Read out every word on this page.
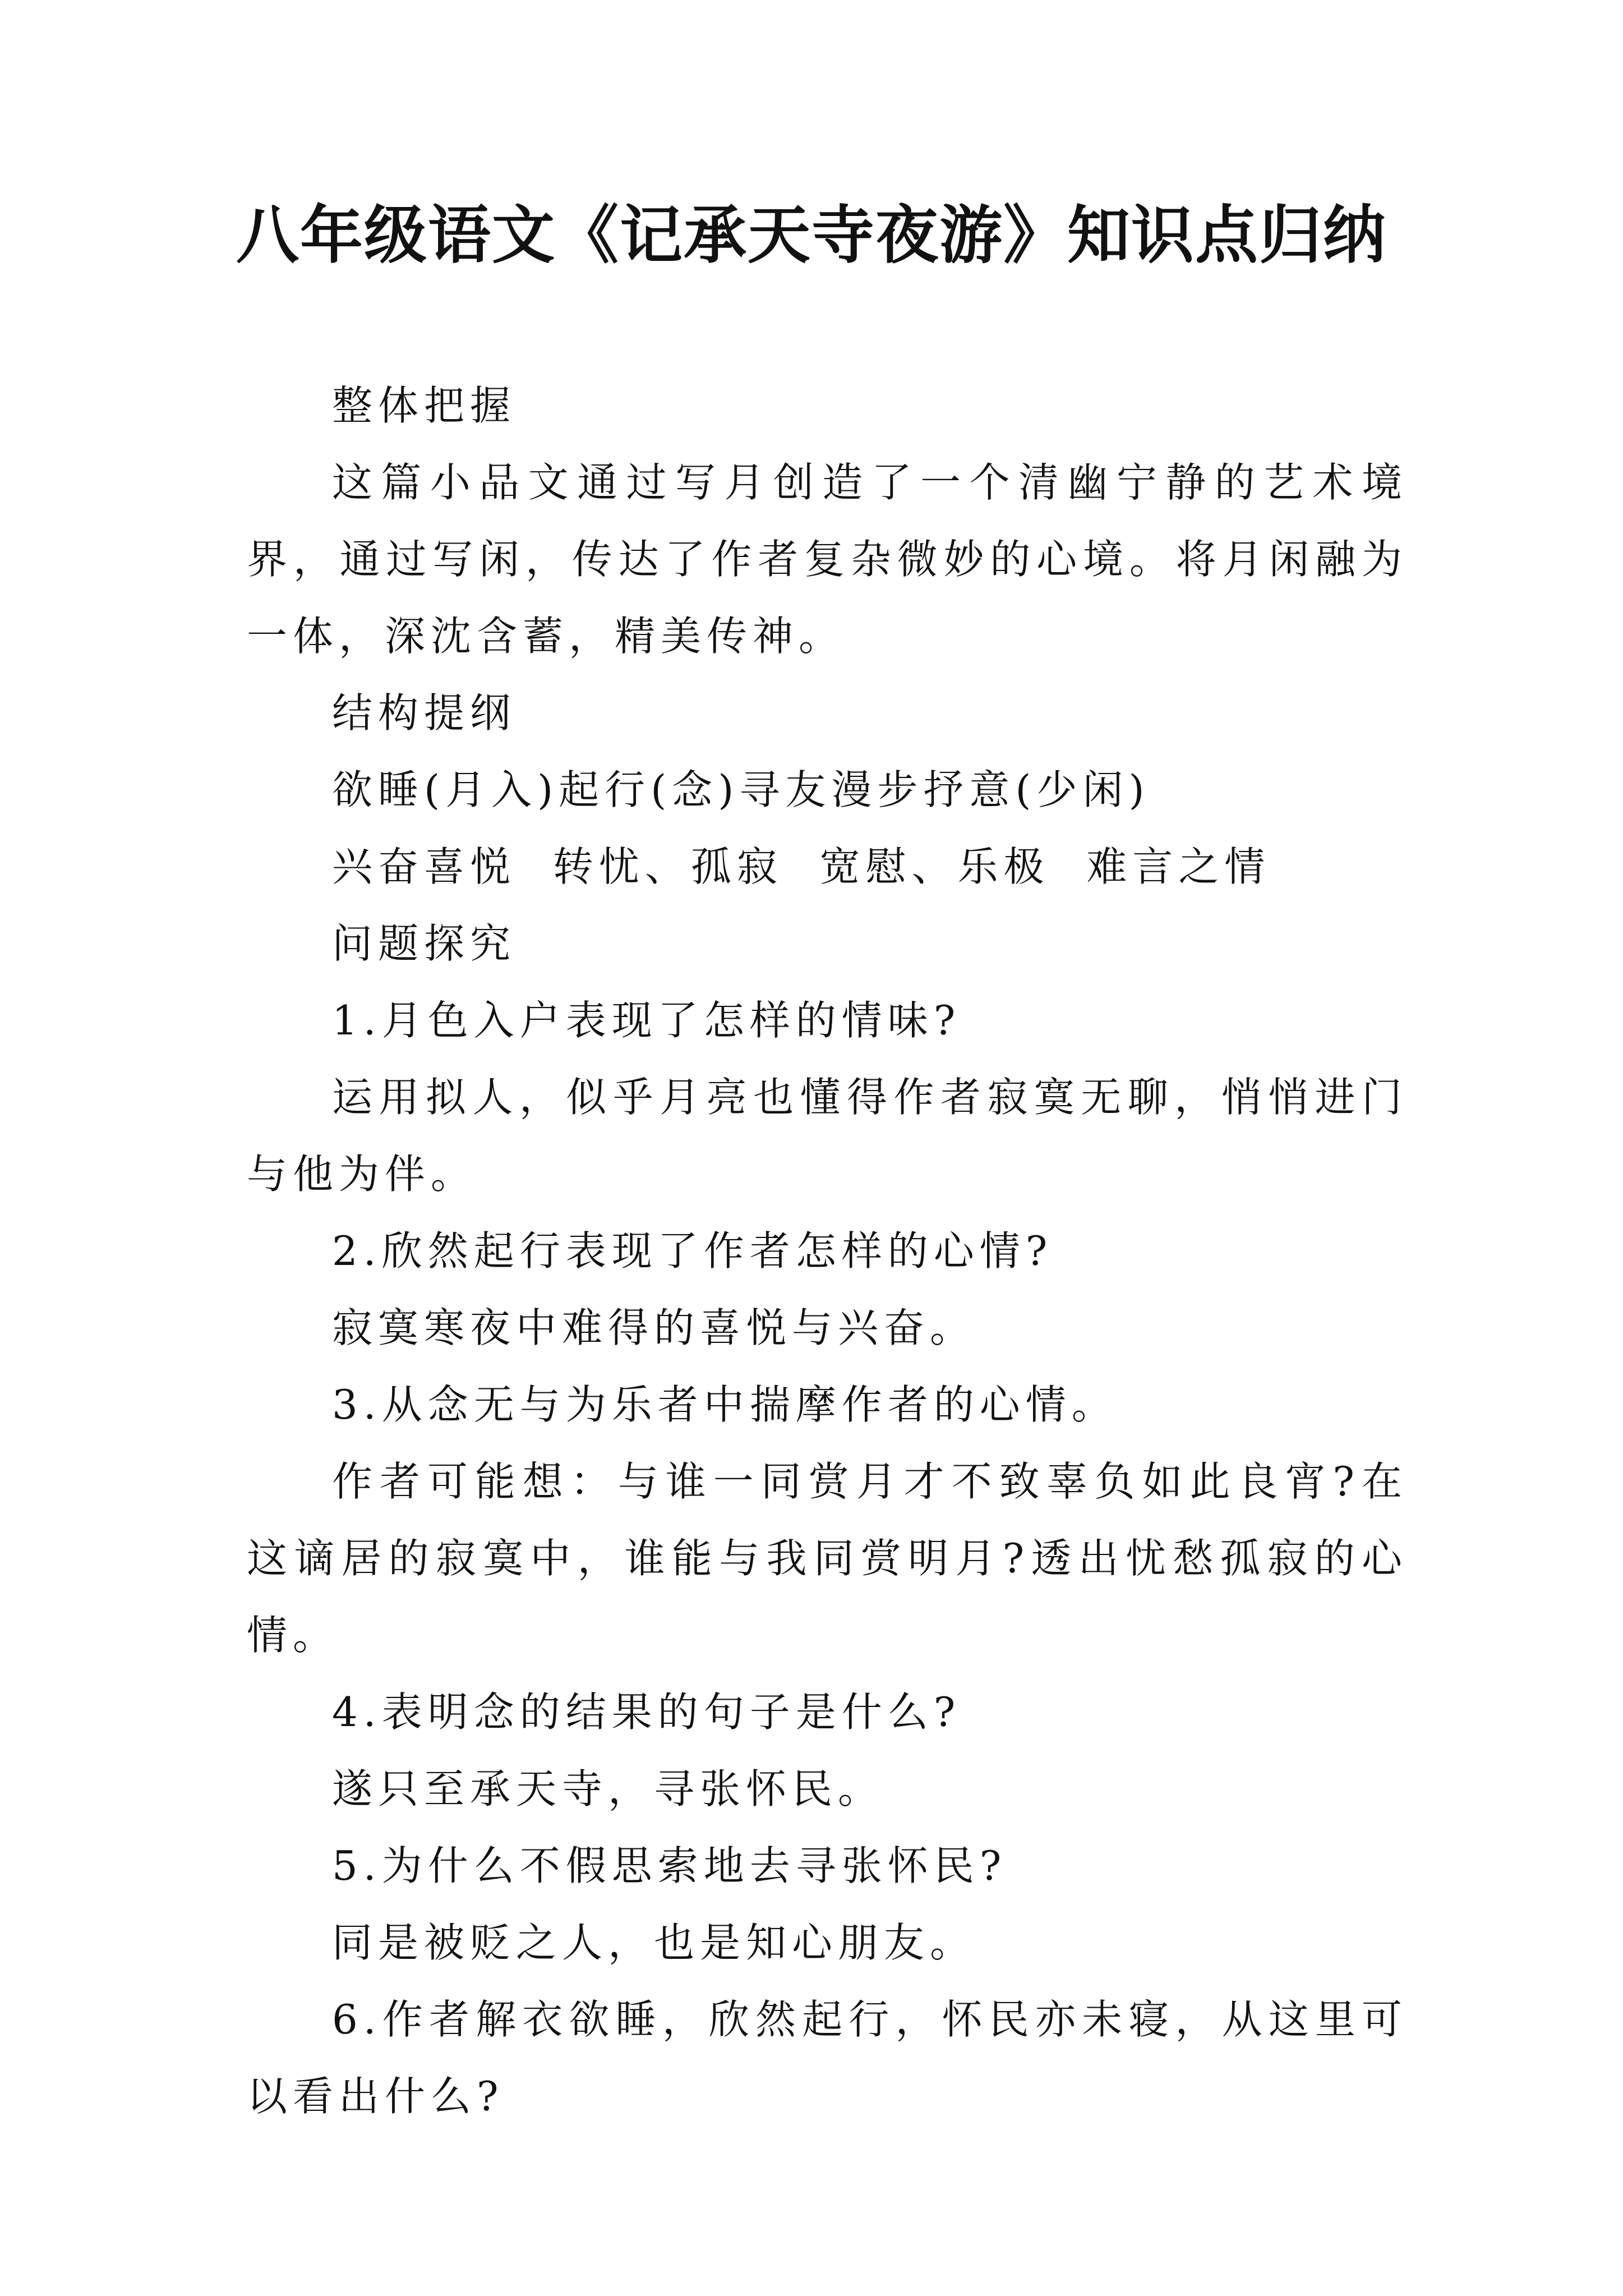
八年级语文《记承天寺夜游》知识点归纳

整体把握

这篇小品文通过写月创造了一个清幽宁静的艺术境界，通过写闲，传达了作者复杂微妙的心境。将月闲融为一体，深沈含蓄，精美传神。

结构提纲

欲睡(月入)起行(念)寻友漫步抒意(少闲)

兴奋喜悦  转忧、孤寂  宽慰、乐极  难言之情

问题探究

1.月色入户表现了怎样的情味?

运用拟人，似乎月亮也懂得作者寂寞无聊，悄悄进门与他为伴。

2.欣然起行表现了作者怎样的心情?

寂寞寒夜中难得的喜悦与兴奋。

3.从念无与为乐者中揣摩作者的心情。

作者可能想：与谁一同赏月才不致辜负如此良宵?在这谪居的寂寞中，谁能与我同赏明月?透出忧愁孤寂的心情。

4.表明念的结果的句子是什么?

遂只至承天寺，寻张怀民。

5.为什么不假思索地去寻张怀民?

同是被贬之人，也是知心朋友。

6.作者解衣欲睡，欣然起行，怀民亦未寝，从这里可以看出什么?
